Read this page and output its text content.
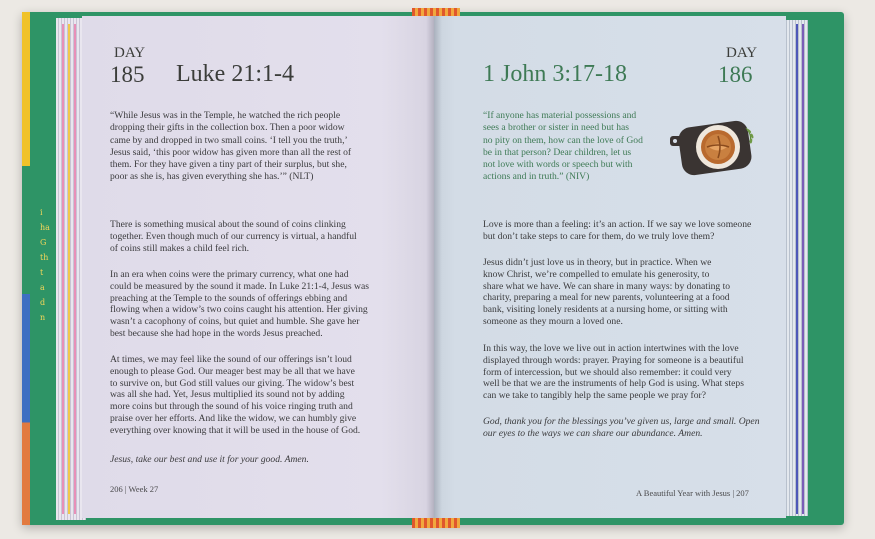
i
ha
G
th
t
a
d
n
DAY
185 Luke 21:1-4
“While Jesus was in the Temple, he watched the rich people
dropping their gifts in the collection box. Then a poor widow
came by and dropped in two small coins. ‘I tell you the truth,’
Jesus said, ‘this poor widow has given more than all the rest of
them. For they have given a tiny part of their surplus, but she,
poor as she is, has given everything she has.’” (NLT)
There is something musical about the sound of coins clinking
together. Even though much of our currency is virtual, a handful
of coins still makes a child feel rich.
In an era when coins were the primary currency, what one had
could be measured by the sound it made. In Luke 21:1-4, Jesus was
preaching at the Temple to the sounds of offerings ebbing and
flowing when a widow’s two coins caught his attention. Her giving
wasn’t a cacophony of coins, but quiet and humble. She gave her
best because she had hope in the words Jesus preached.
At times, we may feel like the sound of our offerings isn’t loud
enough to please God. Our meager best may be all that we have
to survive on, but God still values our giving. The widow’s best
was all she had. Yet, Jesus multiplied its sound not by adding
more coins but through the sound of his voice ringing truth and
praise over her efforts. And like the widow, we can humbly give
everything over knowing that it will be used in the house of God.
Jesus, take our best and use it for your good. Amen.
206 | Week 27
DAY
186
1 John 3:17-18
“If anyone has material possessions and
sees a brother or sister in need but has
no pity on them, how can the love of God
be in that person? Dear children, let us
not love with words or speech but with
actions and in truth.” (NIV)
Love is more than a feeling: it’s an action. If we say we love someone
but don’t take steps to care for them, do we truly love them?
Jesus didn’t just love us in theory, but in practice. When we
know Christ, we’re compelled to emulate his generosity, to
share what we have. We can share in many ways: by donating to
charity, preparing a meal for new parents, volunteering at a food
bank, visiting lonely residents at a nursing home, or sitting with
someone as they mourn a loved one.
In this way, the love we live out in action intertwines with the love
displayed through words: prayer. Praying for someone is a beautiful
form of intercession, but we should also remember: it could very
well be that we are the instruments of help God is using. What steps
can we take to tangibly help the same people we pray for?
God, thank you for the blessings you’ve given us, large and small. Open
our eyes to the ways we can share our abundance. Amen.
A Beautiful Year with Jesus | 207
